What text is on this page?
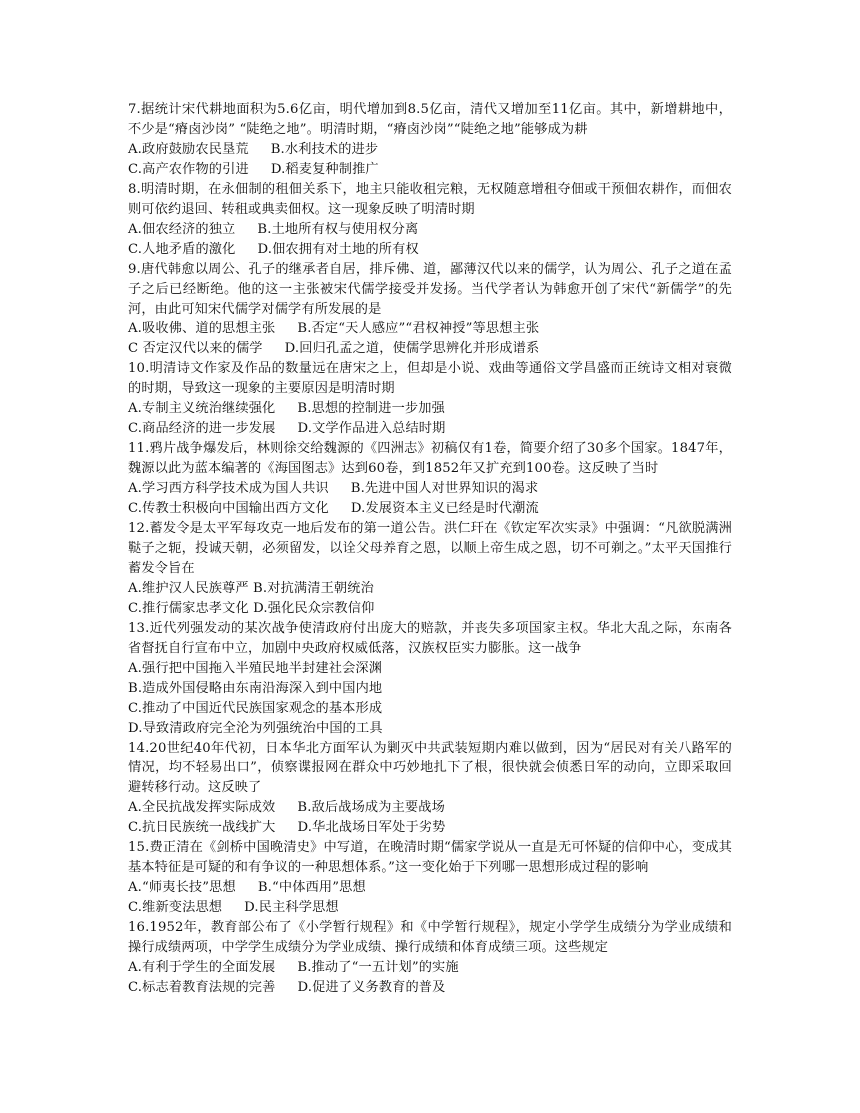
7.据统计宋代耕地面积为5.6亿亩，明代增加到8.5亿亩，清代又增加至11亿亩。其中，新增耕地中，不少是“瘠卤沙岗” “陡绝之地”。明清时期，“瘠卤沙岗”“陡绝之地”能够成为耕

A.政府鼓励农民垦荒 B.水利技术的进步

C.高产农作物的引进 D.稻麦复种制推广

8.明清时期，在永佃制的租佃关系下，地主只能收租完粮，无权随意增租夺佃或干预佃农耕作，而佃农则可依约退回、转租或典卖佃权。这一现象反映了明清时期

A.佃农经济的独立 B.土地所有权与使用权分离

C.人地矛盾的激化 D.佃农拥有对土地的所有权

9.唐代韩愈以周公、孔子的继承者自居，排斥佛、道，鄙薄汉代以来的儒学，认为周公、孔子之道在孟子之后已经断绝。他的这一主张被宋代儒学接受并发扬。当代学者认为韩愈开创了宋代“新儒学”的先河，由此可知宋代儒学对儒学有所发展的是

A.吸收佛、道的思想主张 B.否定“天人感应”“君权神授”等思想主张

C 否定汉代以来的儒学 D.回归孔孟之道，使儒学思辨化并形成谱系

10.明清诗文作家及作品的数量远在唐宋之上，但却是小说、戏曲等通俗文学昌盛而正统诗文相对衰微的时期，导致这一现象的主要原因是明清时期

A.专制主义统治继续强化 B.思想的控制进一步加强

C.商品经济的进一步发展 D.文学作品进入总结时期

11.鸦片战争爆发后，林则徐交给魏源的《四洲志》初稿仅有1卷，简要介绍了30多个国家。1847年，魏源以此为蓝本编著的《海国图志》达到60卷，到1852年又扩充到100卷。这反映了当时

A.学习西方科学技术成为国人共识 B.先进中国人对世界知识的渴求

C.传教士积极向中国输出西方文化 D.发展资本主义已经是时代潮流

12.蓄发令是太平军每攻克一地后发布的第一道公告。洪仁玕在《钦定军次实录》中强调：“凡欲脱满洲鞑子之轭，投诚天朝，必须留发，以诠父母养育之恩，以顺上帝生成之恩，切不可剃之。”太平天国推行蓄发令旨在

A.维护汉人民族尊严 B.对抗满清王朝统治

C.推行儒家忠孝文化 D.强化民众宗教信仰

13.近代列强发动的某次战争使清政府付出庞大的赔款，并丧失多项国家主权。华北大乱之际，东南各省督抚自行宣布中立，加剧中央政府权威低落，汉族权臣实力膨胀。这一战争

A.强行把中国拖入半殖民地半封建社会深渊

B.造成外国侵略由东南沿海深入到中国内地

C.推动了中国近代民族国家观念的基本形成

D.导致清政府完全沦为列强统治中国的工具

14.20世纪40年代初，日本华北方面军认为剿灭中共武装短期内难以做到，因为“居民对有关八路军的情况，均不轻易出口”，侦察谍报网在群众中巧妙地扎下了根，很快就会侦悉日军的动向，立即采取回避转移行动。这反映了

A.全民抗战发挥实际成效 B.敌后战场成为主要战场

C.抗日民族统一战线扩大 D.华北战场日军处于劣势

15.费正清在《剑桥中国晚清史》中写道，在晚清时期“儒家学说从一直是无可怀疑的信仰中心，变成其基本特征是可疑的和有争议的一种思想体系。”这一变化始于下列哪一思想形成过程的影响

A.“师夷长技”思想 B.“中体西用”思想

C.维新变法思想 D.民主科学思想

16.1952年，教育部公布了《小学暂行规程》和《中学暂行规程》，规定小学学生成绩分为学业成绩和操行成绩两项，中学学生成绩分为学业成绩、操行成绩和体育成绩三项。这些规定

A.有利于学生的全面发展 B.推动了“一五计划”的实施

C.标志着教育法规的完善 D.促进了义务教育的普及
